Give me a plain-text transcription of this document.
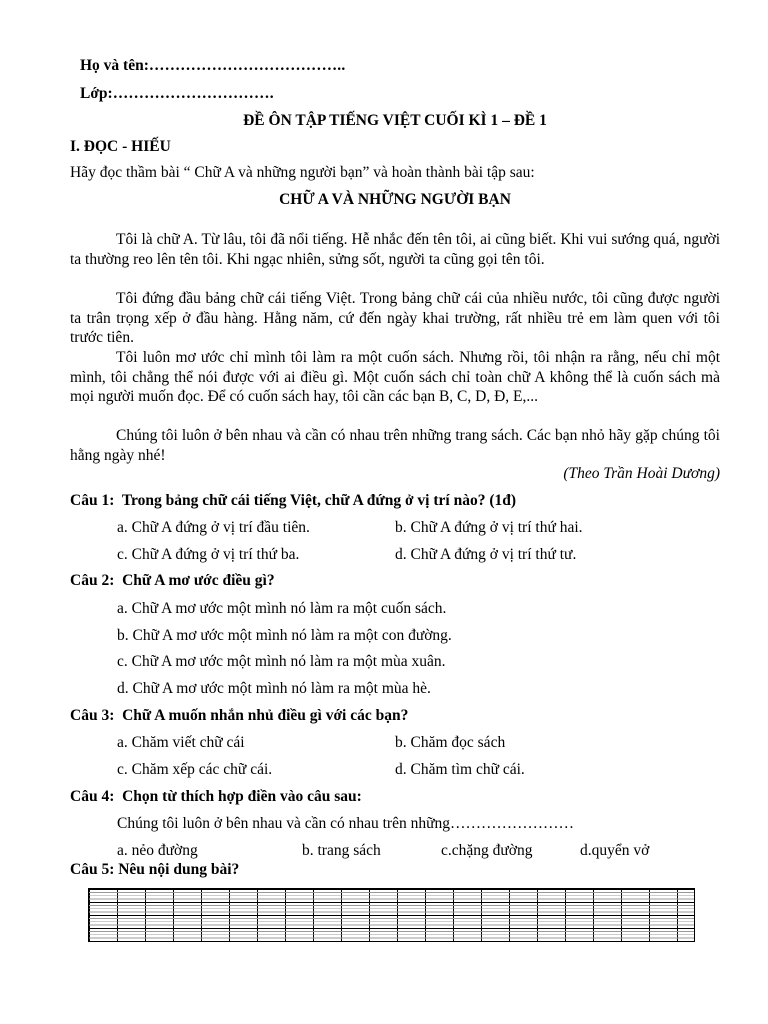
Họ và tên:………………………………..
Lớp:………………………….
ĐỀ ÔN TẬP TIẾNG VIỆT CUỐI KÌ 1 – ĐỀ 1
I. ĐỌC - HIẾU
Hãy đọc thầm bài “ Chữ A và những người bạn” và hoàn thành bài tập sau:
CHỮ A VÀ NHỮNG NGƯỜI BẠN
Tôi là chữ A. Từ lâu, tôi đã nổi tiếng. Hễ nhắc đến tên tôi, ai cũng biết. Khi vui sướng quá, người ta thường reo lên tên tôi. Khi ngạc nhiên, sửng sốt, người ta cũng gọi tên tôi.
Tôi đứng đầu bảng chữ cái tiếng Việt. Trong bảng chữ cái của nhiều nước, tôi cũng được người ta trân trọng xếp ở đầu hàng. Hằng năm, cứ đến ngày khai trường, rất nhiều trẻ em làm quen với tôi trước tiên.
Tôi luôn mơ ước chỉ mình tôi làm ra một cuốn sách. Nhưng rồi, tôi nhận ra rằng, nếu chỉ một mình, tôi chẳng thể nói được với ai điều gì. Một cuốn sách chỉ toàn chữ A không thể là cuốn sách mà mọi người muốn đọc. Để có cuốn sách hay, tôi cần các bạn B, C, D, Đ, E,...
Chúng tôi luôn ở bên nhau và cần có nhau trên những trang sách. Các bạn nhỏ hãy gặp chúng tôi hằng ngày nhé!
(Theo Trần Hoài Dương)
Câu 1: Trong bảng chữ cái tiếng Việt, chữ A đứng ở vị trí nào? (1đ)
a. Chữ A đứng ở vị trí đầu tiên.	b. Chữ A đứng ở vị trí thứ hai.
c. Chữ A đứng ở vị trí thứ ba.	d. Chữ A đứng ở vị trí thứ tư.
Câu 2: Chữ A mơ ước điều gì?
a. Chữ A mơ ước một mình nó làm ra một cuốn sách.
b. Chữ A mơ ước một mình nó làm ra một con đường.
c. Chữ A mơ ước một mình nó làm ra một mùa xuân.
d. Chữ A mơ ước một mình nó làm ra một mùa hè.
Câu 3: Chữ A muốn nhắn nhủ điều gì với các bạn?
a. Chăm viết chữ cái	b. Chăm đọc sách
c. Chăm xếp các chữ cái.	d. Chăm tìm chữ cái.
Câu 4: Chọn từ thích hợp điền vào câu sau:
Chúng tôi luôn ở bên nhau và cần có nhau trên những……………………
a. nẻo đường	b. trang sách	c.chặng đường	d.quyển vở
Câu 5: Nêu nội dung bài?
